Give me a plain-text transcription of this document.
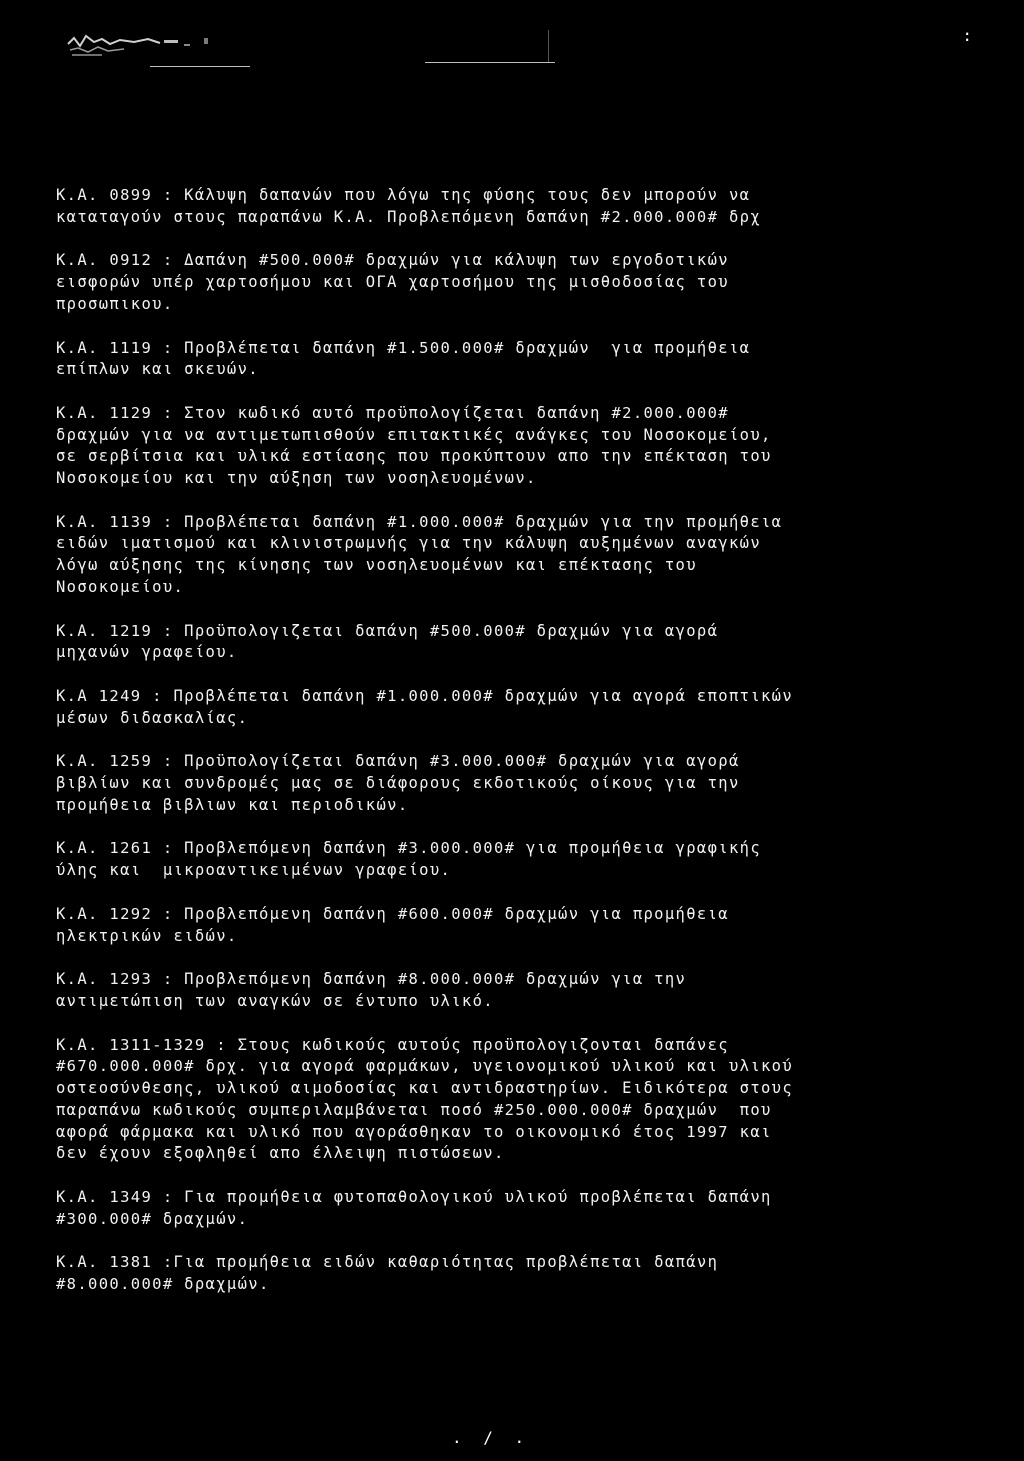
:
Κ.Α. 0899 : Κάλυψη δαπανών που λόγω της φύσης τους δεν μπορούν να
καταταγούν στους παραπάνω Κ.Α. Προβλεπόμενη δαπάνη #2.000.000# δρχ
Κ.Α. 0912 : Δαπάνη #500.000# δραχμών για κάλυψη των εργοδοτικών
εισφορών υπέρ χαρτοσήμου και ΟΓΑ χαρτοσήμου της μισθοδοσίας του
προσωπικου.
Κ.Α. 1119 : Προβλέπεται δαπάνη #1.500.000# δραχμών  για προμήθεια
επίπλων και σκευών.
Κ.Α. 1129 : Στον κωδικό αυτό προϋπολογίζεται δαπάνη #2.000.000#
δραχμών για να αντιμετωπισθούν επιτακτικές ανάγκες του Νοσοκομείου,
σε σερβίτσια και υλικά εστίασης που προκύπτουν απο την επέκταση του
Νοσοκομείου και την αύξηση των νοσηλευομένων.
Κ.Α. 1139 : Προβλέπεται δαπάνη #1.000.000# δραχμών για την προμήθεια
ειδών ιματισμού και κλινιστρωμνής για την κάλυψη αυξημένων αναγκών
λόγω αύξησης της κίνησης των νοσηλευομένων και επέκτασης του
Νοσοκομείου.
Κ.Α. 1219 : Προϋπολογιζεται δαπάνη #500.000# δραχμών για αγορά
μηχανών γραφείου.
Κ.Α 1249 : Προβλέπεται δαπάνη #1.000.000# δραχμών για αγορά εποπτικών
μέσων διδασκαλίας.
Κ.Α. 1259 : Προϋπολογίζεται δαπάνη #3.000.000# δραχμών για αγορά
βιβλίων και συνδρομές μας σε διάφορους εκδοτικούς οίκους για την
προμήθεια βιβλιων και περιοδικών.
Κ.Α. 1261 : Προβλεπόμενη δαπάνη #3.000.000# για προμήθεια γραφικής
ύλης και  μικροαντικειμένων γραφείου.
Κ.Α. 1292 : Προβλεπόμενη δαπάνη #600.000# δραχμών για προμήθεια
ηλεκτρικών ειδών.
Κ.Α. 1293 : Προβλεπόμενη δαπάνη #8.000.000# δραχμών για την
αντιμετώπιση των αναγκών σε έντυπο υλικό.
Κ.Α. 1311-1329 : Στους κωδικούς αυτούς προϋπολογιζονται δαπάνες
#670.000.000# δρχ. για αγορά φαρμάκων, υγειονομικού υλικού και υλικού
οστεοσύνθεσης, υλικού αιμοδοσίας και αντιδραστηρίων. Ειδικότερα στους
παραπάνω κωδικούς συμπεριλαμβάνεται ποσό #250.000.000# δραχμών  που
αφορά φάρμακα και υλικό που αγοράσθηκαν το οικονομικό έτος 1997 και
δεν έχουν εξοφληθεί απο έλλειψη πιστώσεων.
Κ.Α. 1349 : Για προμήθεια φυτοπαθολογικού υλικού προβλέπεται δαπάνη
#300.000# δραχμών.
Κ.Α. 1381 :Για προμήθεια ειδών καθαριότητας προβλέπεται δαπάνη
#8.000.000# δραχμών.
. / .
